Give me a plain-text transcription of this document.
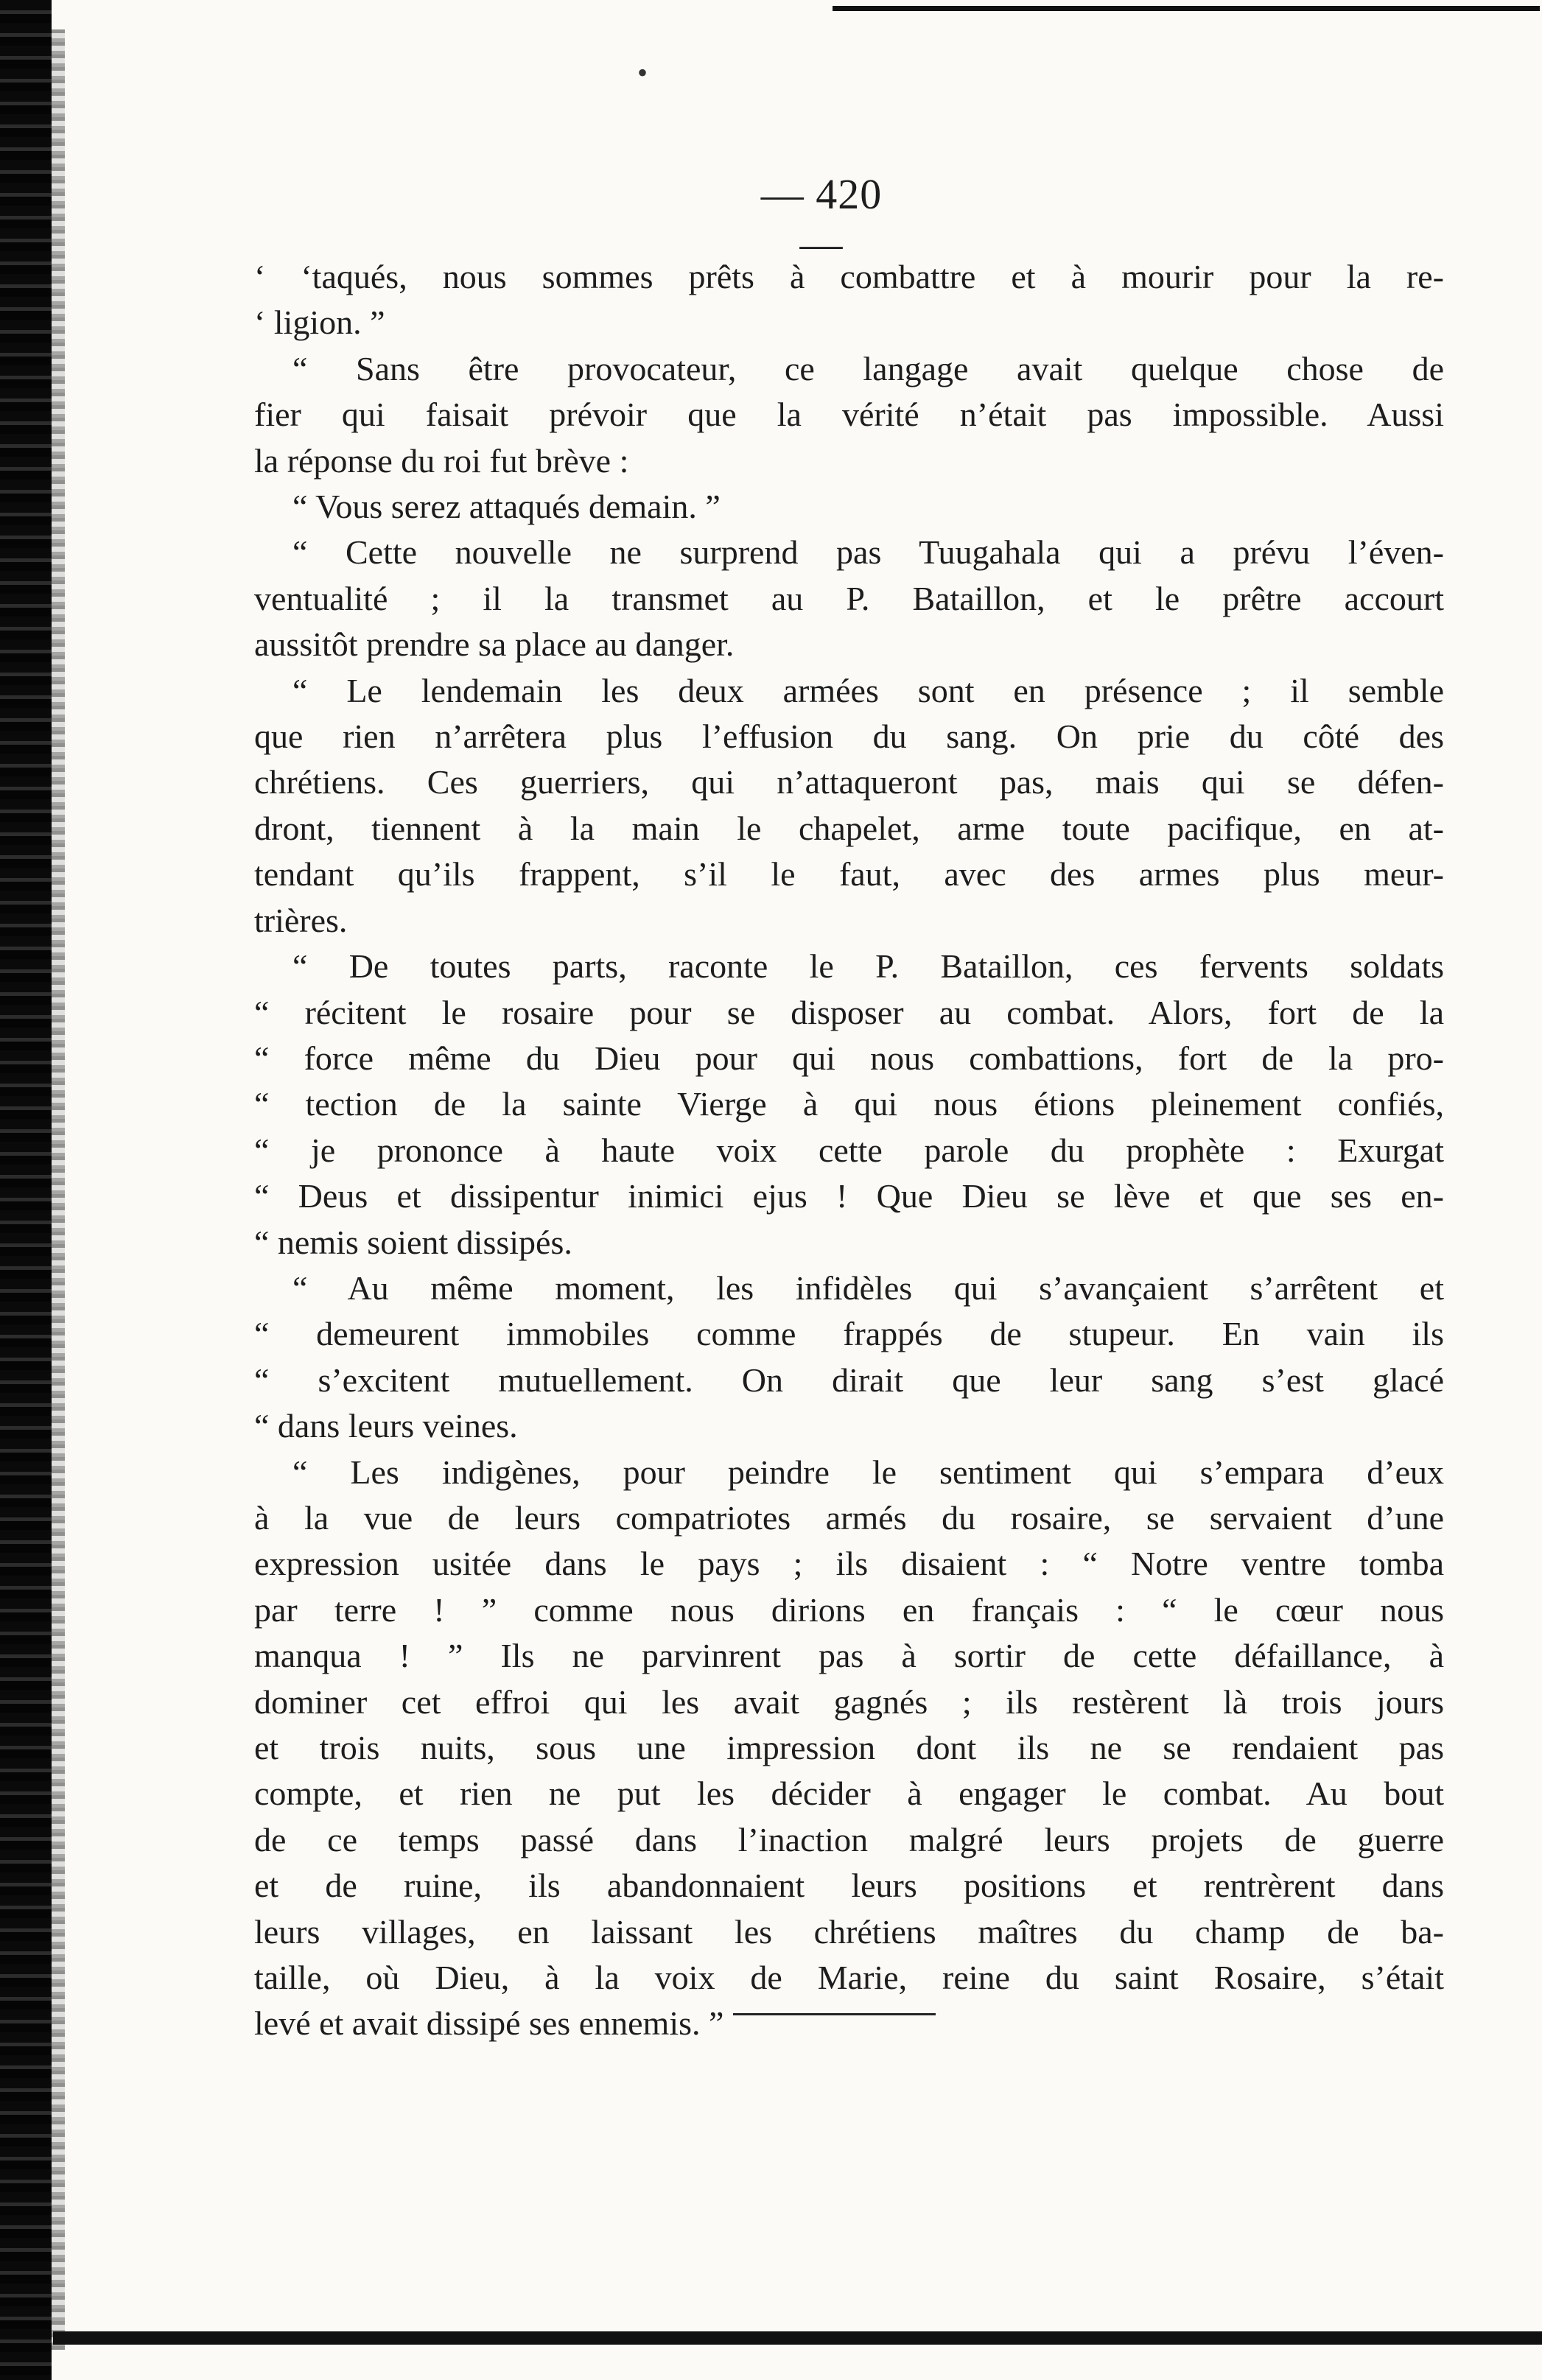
•
— 420 —
‘ ‘taqués, nous sommes prêts à combattre et à mourir pour la re-
‘ ligion. ”
“ Sans être provocateur, ce langage avait quelque chose de
fier qui faisait prévoir que la vérité n’était pas impossible. Aussi
la réponse du roi fut brève :
“ Vous serez attaqués demain. ”
“ Cette nouvelle ne surprend pas Tuugahala qui a prévu l’éven-
ventualité ; il la transmet au P. Bataillon, et le prêtre accourt
aussitôt prendre sa place au danger.
“ Le lendemain les deux armées sont en présence ; il semble
que rien n’arrêtera plus l’effusion du sang. On prie du côté des
chrétiens. Ces guerriers, qui n’attaqueront pas, mais qui se défen-
dront, tiennent à la main le chapelet, arme toute pacifique, en at-
tendant qu’ils frappent, s’il le faut, avec des armes plus meur-
trières.
“ De toutes parts, raconte le P. Bataillon, ces fervents soldats
“ récitent le rosaire pour se disposer au combat. Alors, fort de la
“ force même du Dieu pour qui nous combattions, fort de la pro-
“ tection de la sainte Vierge à qui nous étions pleinement confiés,
“ je prononce à haute voix cette parole du prophète : Exurgat
“ Deus et dissipentur inimici ejus ! Que Dieu se lève et que ses en-
“ nemis soient dissipés.
“ Au même moment, les infidèles qui s’avançaient s’arrêtent et
“ demeurent immobiles comme frappés de stupeur. En vain ils
“ s’excitent mutuellement. On dirait que leur sang s’est glacé
“ dans leurs veines.
“ Les indigènes, pour peindre le sentiment qui s’empara d’eux
à la vue de leurs compatriotes armés du rosaire, se servaient d’une
expression usitée dans le pays ; ils disaient : “ Notre ventre tomba
par terre ! ” comme nous dirions en français : “ le cœur nous
manqua ! ” Ils ne parvinrent pas à sortir de cette défaillance, à
dominer cet effroi qui les avait gagnés ; ils restèrent là trois jours
et trois nuits, sous une impression dont ils ne se rendaient pas
compte, et rien ne put les décider à engager le combat. Au bout
de ce temps passé dans l’inaction malgré leurs projets de guerre
et de ruine, ils abandonnaient leurs positions et rentrèrent dans
leurs villages, en laissant les chrétiens maîtres du champ de ba-
taille, où Dieu, à la voix de Marie, reine du saint Rosaire, s’était
levé et avait dissipé ses ennemis. ”
